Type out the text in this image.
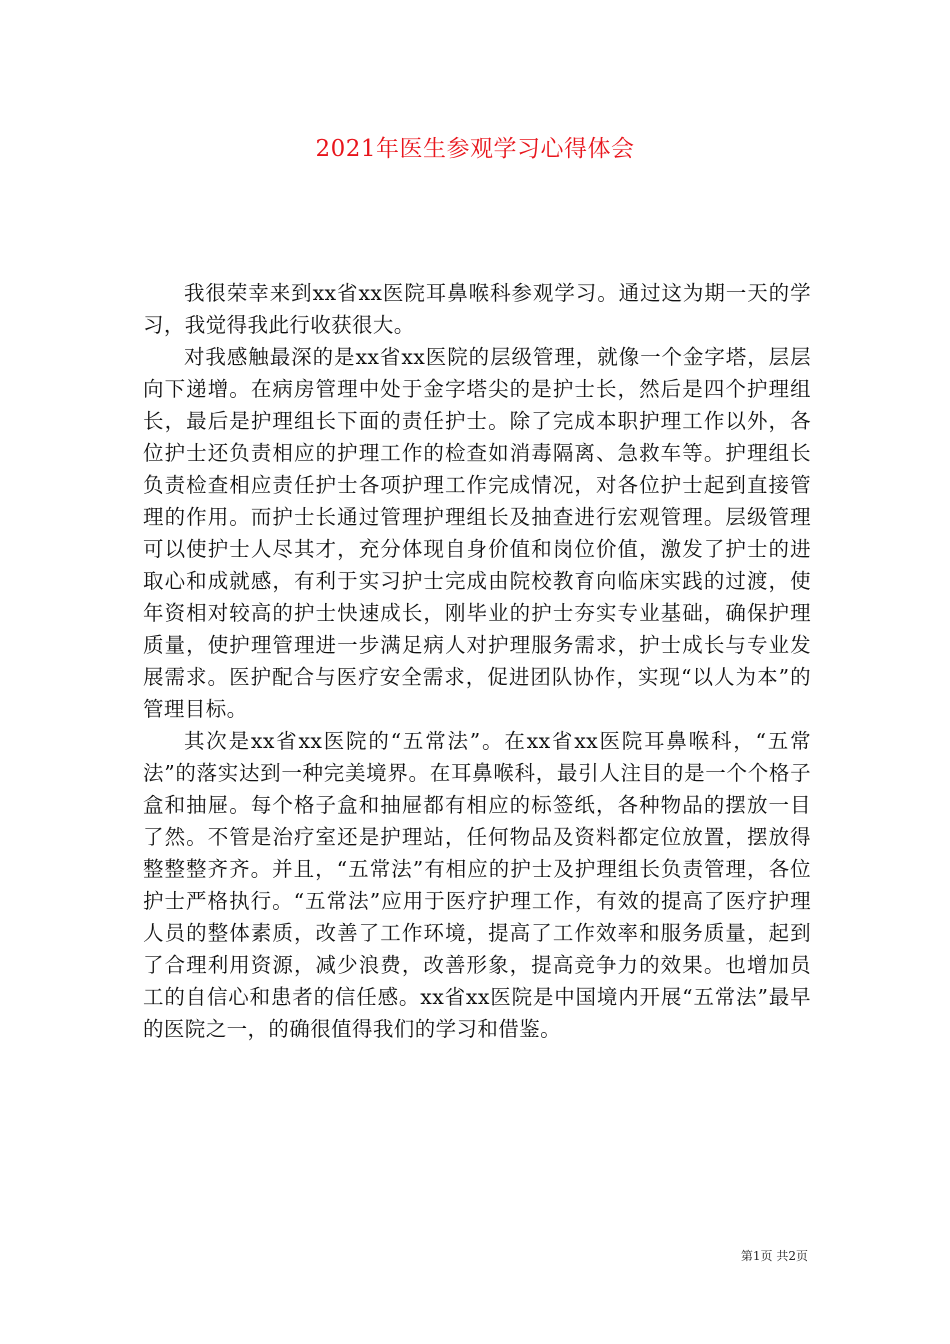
2021年医生参观学习心得体会

我很荣幸来到xx省xx医院耳鼻喉科参观学习。通过这为期一天的学习，我觉得我此行收获很大。

对我感触最深的是xx省xx医院的层级管理，就像一个金字塔，层层向下递增。在病房管理中处于金字塔尖的是护士长，然后是四个护理组长，最后是护理组长下面的责任护士。除了完成本职护理工作以外，各位护士还负责相应的护理工作的检查如消毒隔离、急救车等。护理组长负责检查相应责任护士各项护理工作完成情况，对各位护士起到直接管理的作用。而护士长通过管理护理组长及抽查进行宏观管理。层级管理可以使护士人尽其才，充分体现自身价值和岗位价值，激发了护士的进取心和成就感，有利于实习护士完成由院校教育向临床实践的过渡，使年资相对较高的护士快速成长，刚毕业的护士夯实专业基础，确保护理质量，使护理管理进一步满足病人对护理服务需求，护士成长与专业发展需求。医护配合与医疗安全需求，促进团队协作，实现“以人为本”的管理目标。

其次是xx省xx医院的“五常法”。在xx省xx医院耳鼻喉科，“五常法”的落实达到一种完美境界。在耳鼻喉科，最引人注目的是一个个格子盒和抽屉。每个格子盒和抽屉都有相应的标签纸，各种物品的摆放一目了然。不管是治疗室还是护理站，任何物品及资料都定位放置，摆放得整整整齐齐。并且，“五常法”有相应的护士及护理组长负责管理，各位护士严格执行。“五常法”应用于医疗护理工作，有效的提高了医疗护理人员的整体素质，改善了工作环境，提高了工作效率和服务质量，起到了合理利用资源，减少浪费，改善形象，提高竞争力的效果。也增加员工的自信心和患者的信任感。xx省xx医院是中国境内开展“五常法”最早的医院之一，的确很值得我们的学习和借鉴。

第1页 共2页
